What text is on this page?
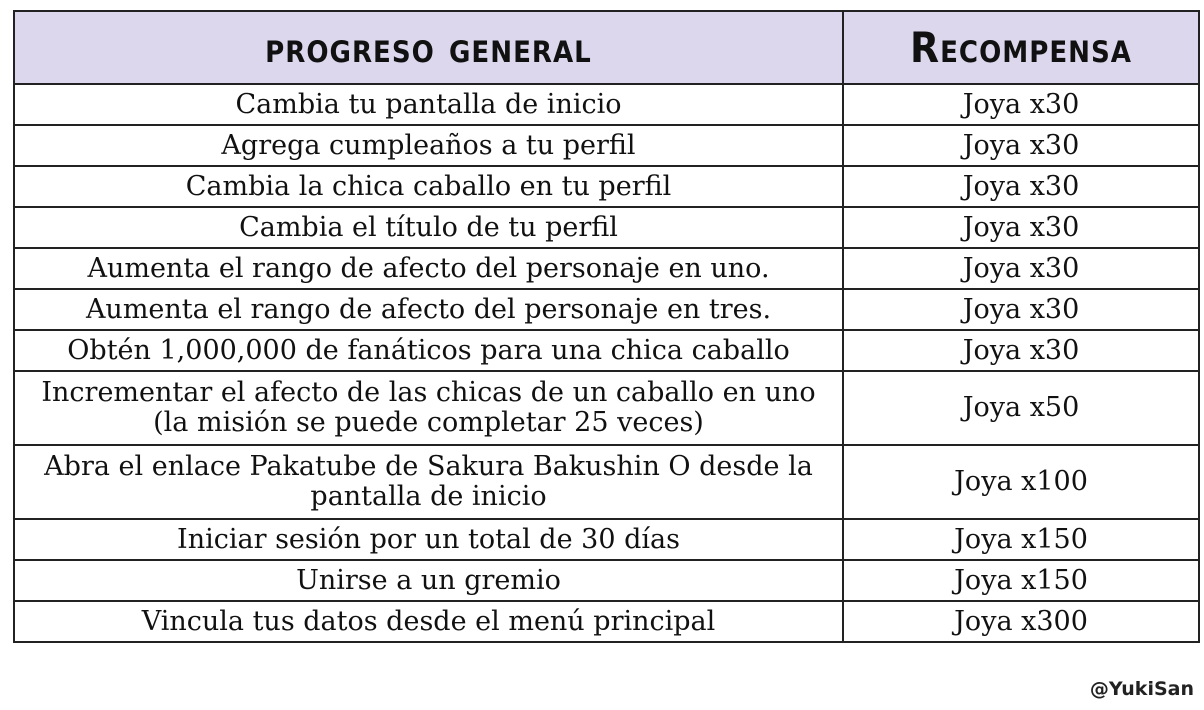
progreso general	Recompensa
Cambia tu pantalla de inicio	Joya x30
Agrega cumpleaños a tu perfil	Joya x30
Cambia la chica caballo en tu perfil	Joya x30
Cambia el título de tu perfil	Joya x30
Aumenta el rango de afecto del personaje en uno.	Joya x30
Aumenta el rango de afecto del personaje en tres.	Joya x30
Obtén 1,000,000 de fanáticos para una chica caballo	Joya x30

Incrementar el afecto de las chicas de un caballo en uno
(la misión se puede completar 25 veces)	Joya x50

Abra el enlace Pakatube de Sakura Bakushin O desde la
pantalla de inicio	Joya x100
Iniciar sesión por un total de 30 días	Joya x150
Unirse a un gremio	Joya x150
Vincula tus datos desde el menú principal	Joya x300
@YukiSan
